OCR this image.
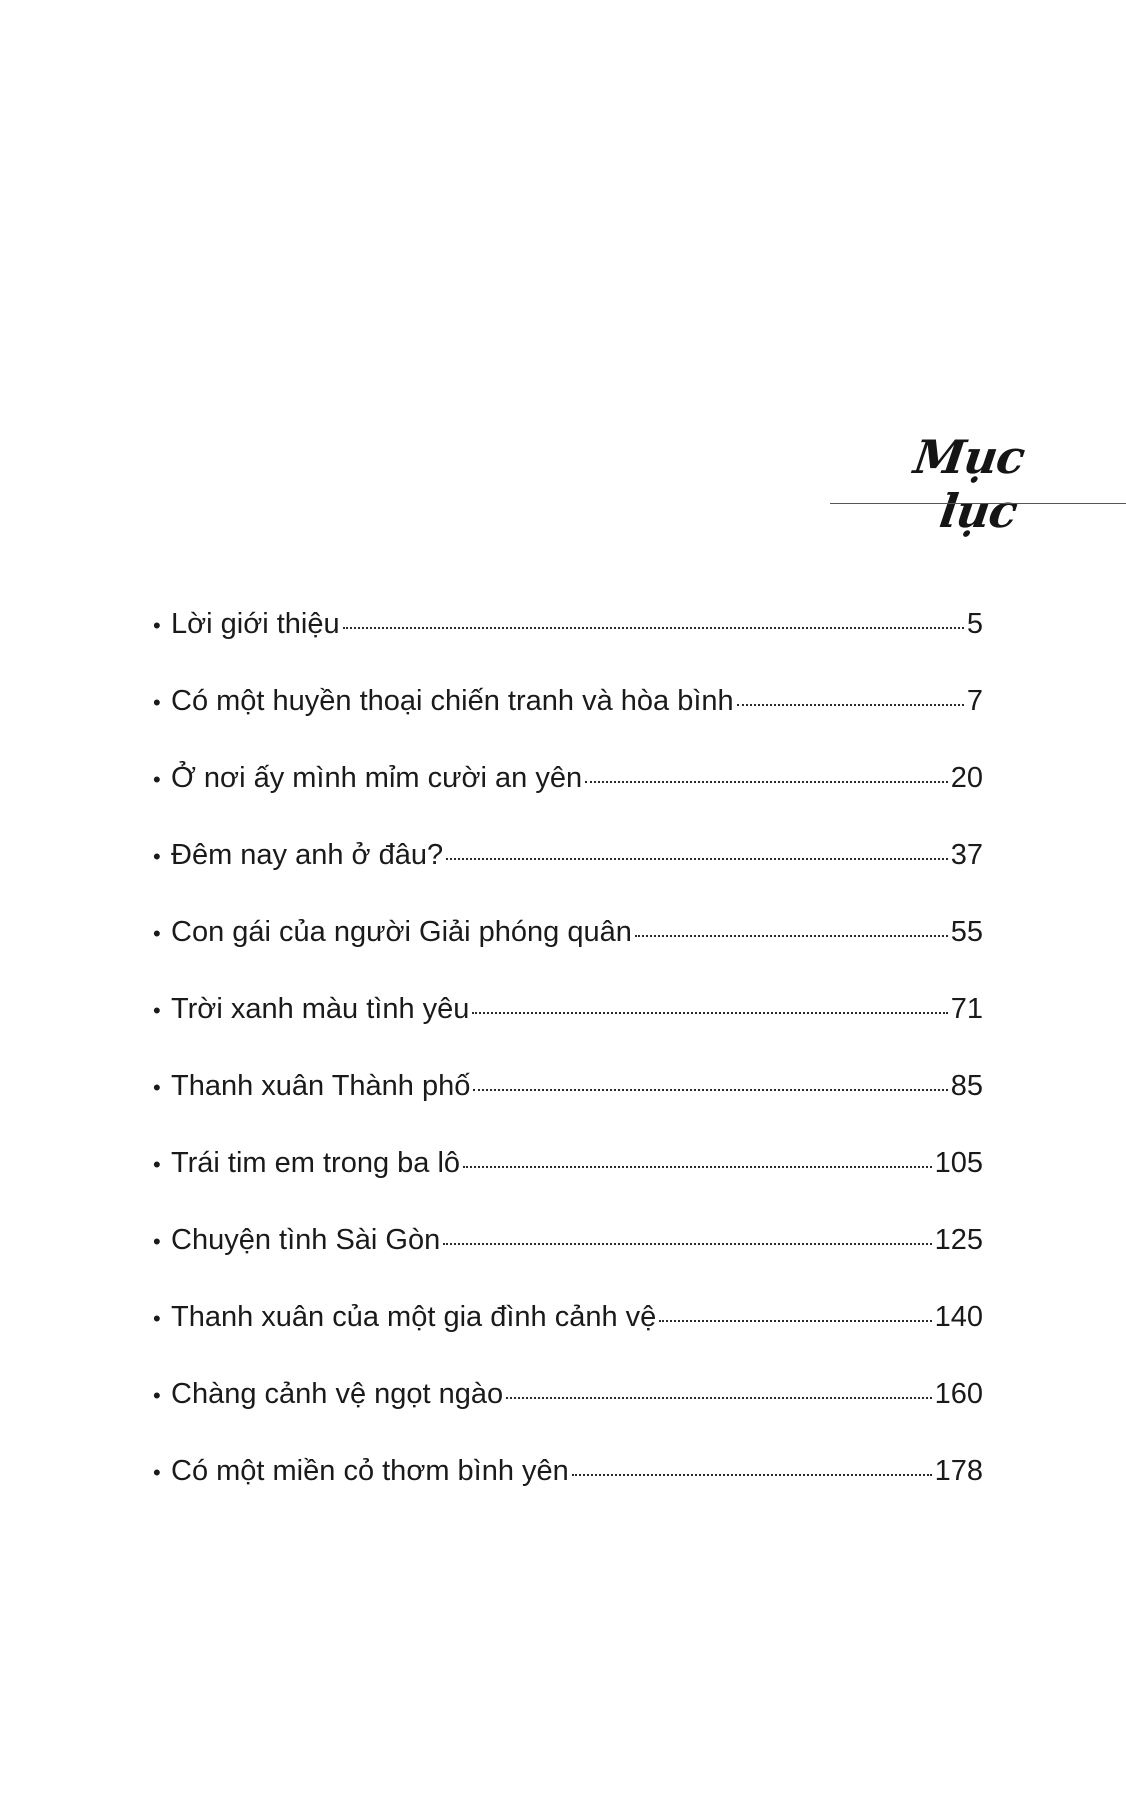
Mục lục
• Lời giới thiệu	5
• Có một huyền thoại chiến tranh và hòa bình	7
• Ở nơi ấy mình mỉm cười an yên	20
• Đêm nay anh ở đâu?	37
• Con gái của người Giải phóng quân	55
• Trời xanh màu tình yêu	71
• Thanh xuân Thành phố	85
• Trái tim em trong ba lô	105
• Chuyện tình Sài Gòn	125
• Thanh xuân của một gia đình cảnh vệ	140
• Chàng cảnh vệ ngọt ngào	160
• Có một miền cỏ thơm bình yên	178
